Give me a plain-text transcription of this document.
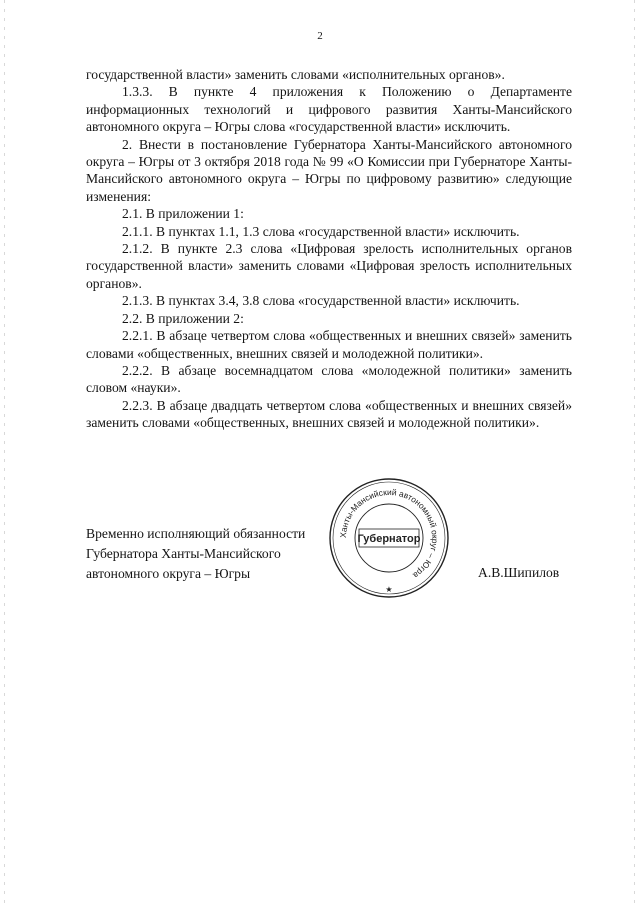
2

государственной власти» заменить словами «исполнительных органов».

1.3.3. В пункте 4 приложения к Положению о Департаменте информационных технологий и цифрового развития Ханты-Мансийского автономного округа – Югры слова «государственной власти» исключить.

2. Внести в постановление Губернатора Ханты-Мансийского автономного округа – Югры от 3 октября 2018 года № 99 «О Комиссии при Губернаторе Ханты-Мансийского автономного округа – Югры по цифровому развитию» следующие изменения:

2.1. В приложении 1:

2.1.1. В пунктах 1.1, 1.3 слова «государственной власти» исключить.

2.1.2. В пункте 2.3 слова «Цифровая зрелость исполнительных органов государственной власти» заменить словами «Цифровая зрелость исполнительных органов».

2.1.3. В пунктах 3.4, 3.8 слова «государственной власти» исключить.

2.2. В приложении 2:

2.2.1. В абзаце четвертом слова «общественных и внешних связей» заменить словами «общественных, внешних связей и молодежной политики».

2.2.2. В абзаце восемнадцатом слова «молодежной политики» заменить словом «науки».

2.2.3. В абзаце двадцать четвертом слова «общественных и внешних связей» заменить словами «общественных, внешних связей и молодежной политики».

Временно исполняющий обязанности
Губернатора Ханты-Мансийского
автономного округа – Югры
Ханты-Мансийский автономный округ – Югра
Губернатор
★
А.В.Шипилов
